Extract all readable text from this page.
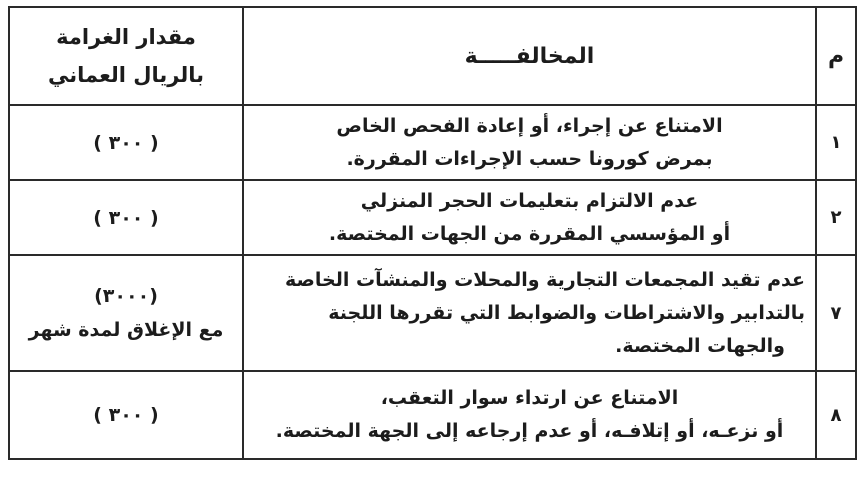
م	المخالفـــــة	مقدار الغرامة
بالريال العماني

١	الامتناع عن إجراء، أو إعادة الفحص الخاص
بمرض كورونا حسب الإجراءات المقررة.	( ٣٠٠ )

٢	عدم الالتزام بتعليمات الحجر المنزلي
أو المؤسسي المقررة من الجهات المختصة.	( ٣٠٠ )

٧	عدم تقيد المجمعات التجارية والمحلات والمنشآت الخاصة
بالتدابير والاشتراطات والضوابط التي تقررها اللجنة
والجهات المختصة.	(٣٠٠٠)
مع الإغلاق لمدة شهر

٨	الامتناع عن ارتداء سوار التعقب،
أو نزعـه، أو إتلافـه، أو عدم إرجاعه إلى الجهة المختصة.	( ٣٠٠ )
